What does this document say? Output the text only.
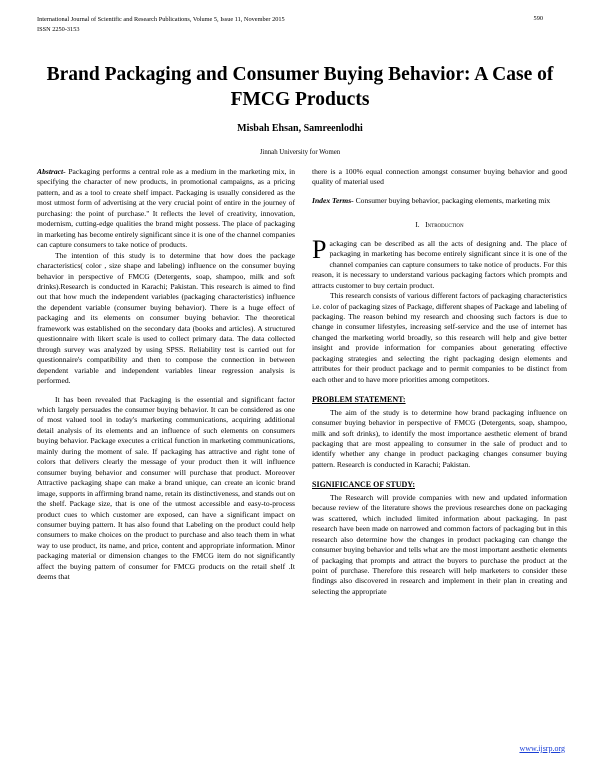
International Journal of Scientific and Research Publications, Volume 5, Issue 11, November 2015
ISSN 2250-3153
590
Brand Packaging and Consumer Buying Behavior: A Case of FMCG Products
Misbah Ehsan, Samreenlodhi
Jinnah University for Women

Abstract- Packaging performs a central role as a medium in the marketing mix, in specifying the character of new products, in promotional campaigns, as a pricing pattern, and as a tool to create shelf impact. Packaging is usually considered as the most utmost form of advertising at the very crucial point of entire in the journey of purchasing: the point of purchase." It reflects the level of creativity, innovation, modernism, cutting-edge qualities the brand might possess. The place of packaging in marketing has become entirely significant since it is one of the channel companies can capture consumers to take notice of products.

The intention of this study is to determine that how does the package characteristics( color , size shape and labeling) influence on the consumer buying behavior in perspective of FMCG (Detergents, soap, shampoo, milk and soft drinks).Research is conducted in Karachi; Pakistan. This research is aimed to find out that how much the independent variables (packaging characteristics) influence the dependent variable (consumer buying behavior). There is a huge effect of packaging and its elements on consumer buying behavior. The theoretical framework was established on the secondary data (books and articles). A structured questionnaire with likert scale is used to collect primary data. The data collected through survey was analyzed by using SPSS. Reliability test is carried out for questionnaire's compatibility and then to compose the connection in between dependent variable and independent variables linear regression analysis is performed.

It has been revealed that Packaging is the essential and significant factor which largely persuades the consumer buying behavior. It can be considered as one of most valued tool in today's marketing communications, acquiring additional detail analysis of its elements and an influence of such elements on consumers buying behavior. Package executes a critical function in marketing communications, mainly during the moment of sale. If packaging has attractive and right tone of colors that delivers clearly the message of your product then it will influence consumer buying behavior and consumer will purchase that product. Moreover Attractive packaging shape can make a brand unique, can create an iconic brand image, supports in affirming brand name, retain its distinctiveness, and stands out on the shelf. Package size, that is one of the utmost accessible and easy-to-process product cues to which customer are exposed, can have a significant impact on consumer buying pattern. It has also found that Labeling on the product could help consumers to make choices on the product to purchase and also teach them in what way to use product, its name, and price, content and appropriate information. Minor packaging material or dimension changes to the FMCG item do not significantly affect the buying pattern of consumer for FMCG products on the retail shelf .It deems that

there is a 100% equal connection amongst consumer buying behavior and good quality of material used

Index Terms- Consumer buying behavior, packaging elements, marketing mix

I. Introduction

Packaging can be described as all the acts of designing and. The place of packaging in marketing has become entirely significant since it is one of the channel companies can capture consumers to take notice of products. For this reason, it is necessary to understand various packaging factors which prompts and attracts customer to buy certain product.

This research consists of various different factors of packaging characteristics i.e. color of packaging sizes of Package, different shapes of Package and labeling of packaging. The reason behind my research and choosing such factors is due to change in consumer lifestyles, increasing self-service and the use of internet has changed the marketing world broadly, so this research will help and give better insight and provide information for companies about generating effective packaging strategies and selecting the right packaging design elements and attributes for their product package and to permit companies to be distinct from each other and to have more priorities among competitors.

PROBLEM STATEMENT:

The aim of the study is to determine how brand packaging influence on consumer buying behavior in perspective of FMCG (Detergents, soap, shampoo, milk and soft drinks), to identify the most importance aesthetic element of brand packaging that are most appealing to consumer in the sale of product and to identify whether any change in product packaging changes consumer buying pattern. Research is conducted in Karachi; Pakistan.

SIGNIFICANCE OF STUDY:

The Research will provide companies with new and updated information because review of the literature shows the previous researches done on packaging was scattered, which included limited information about packaging. In past research have been made on narrowed and common factors of packaging but in this research also determine how the changes in product packaging can change the consumer buying behavior and tells what are the most important aesthetic elements of packaging that prompts and attract the buyers to purchase the product at the point of purchase. Therefore this research will help marketers to consider these findings also discovered in research and implement in their plan in creating and selecting the appropriate

www.ijsrp.org
